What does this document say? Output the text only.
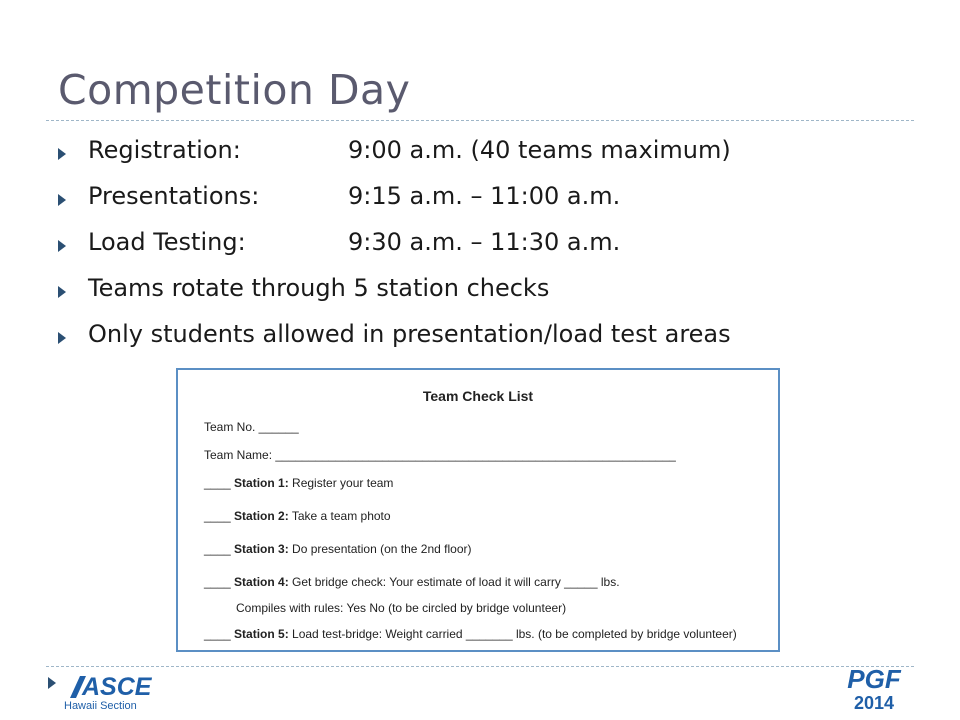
Competition Day
Registration:	9:00 a.m. (40 teams maximum)
Presentations:	9:15 a.m. – 11:00 a.m.
Load Testing:	9:30 a.m. – 11:30 a.m.
Teams rotate through 5 station checks
Only students allowed in presentation/load test areas
Team Check List
Team No. ______
Team Name: ____________________________________________________________
____ Station 1: Register your team
____ Station 2: Take a team photo
____ Station 3: Do presentation (on the 2nd floor)
____ Station 4: Get bridge check: Your estimate of load it will carry _____ lbs.
Compiles with rules: Yes No (to be circled by bridge volunteer)
____ Station 5: Load test-bridge: Weight carried _______ lbs. (to be completed by bridge volunteer)
ASCE
Hawaii Section
PGF
2014
